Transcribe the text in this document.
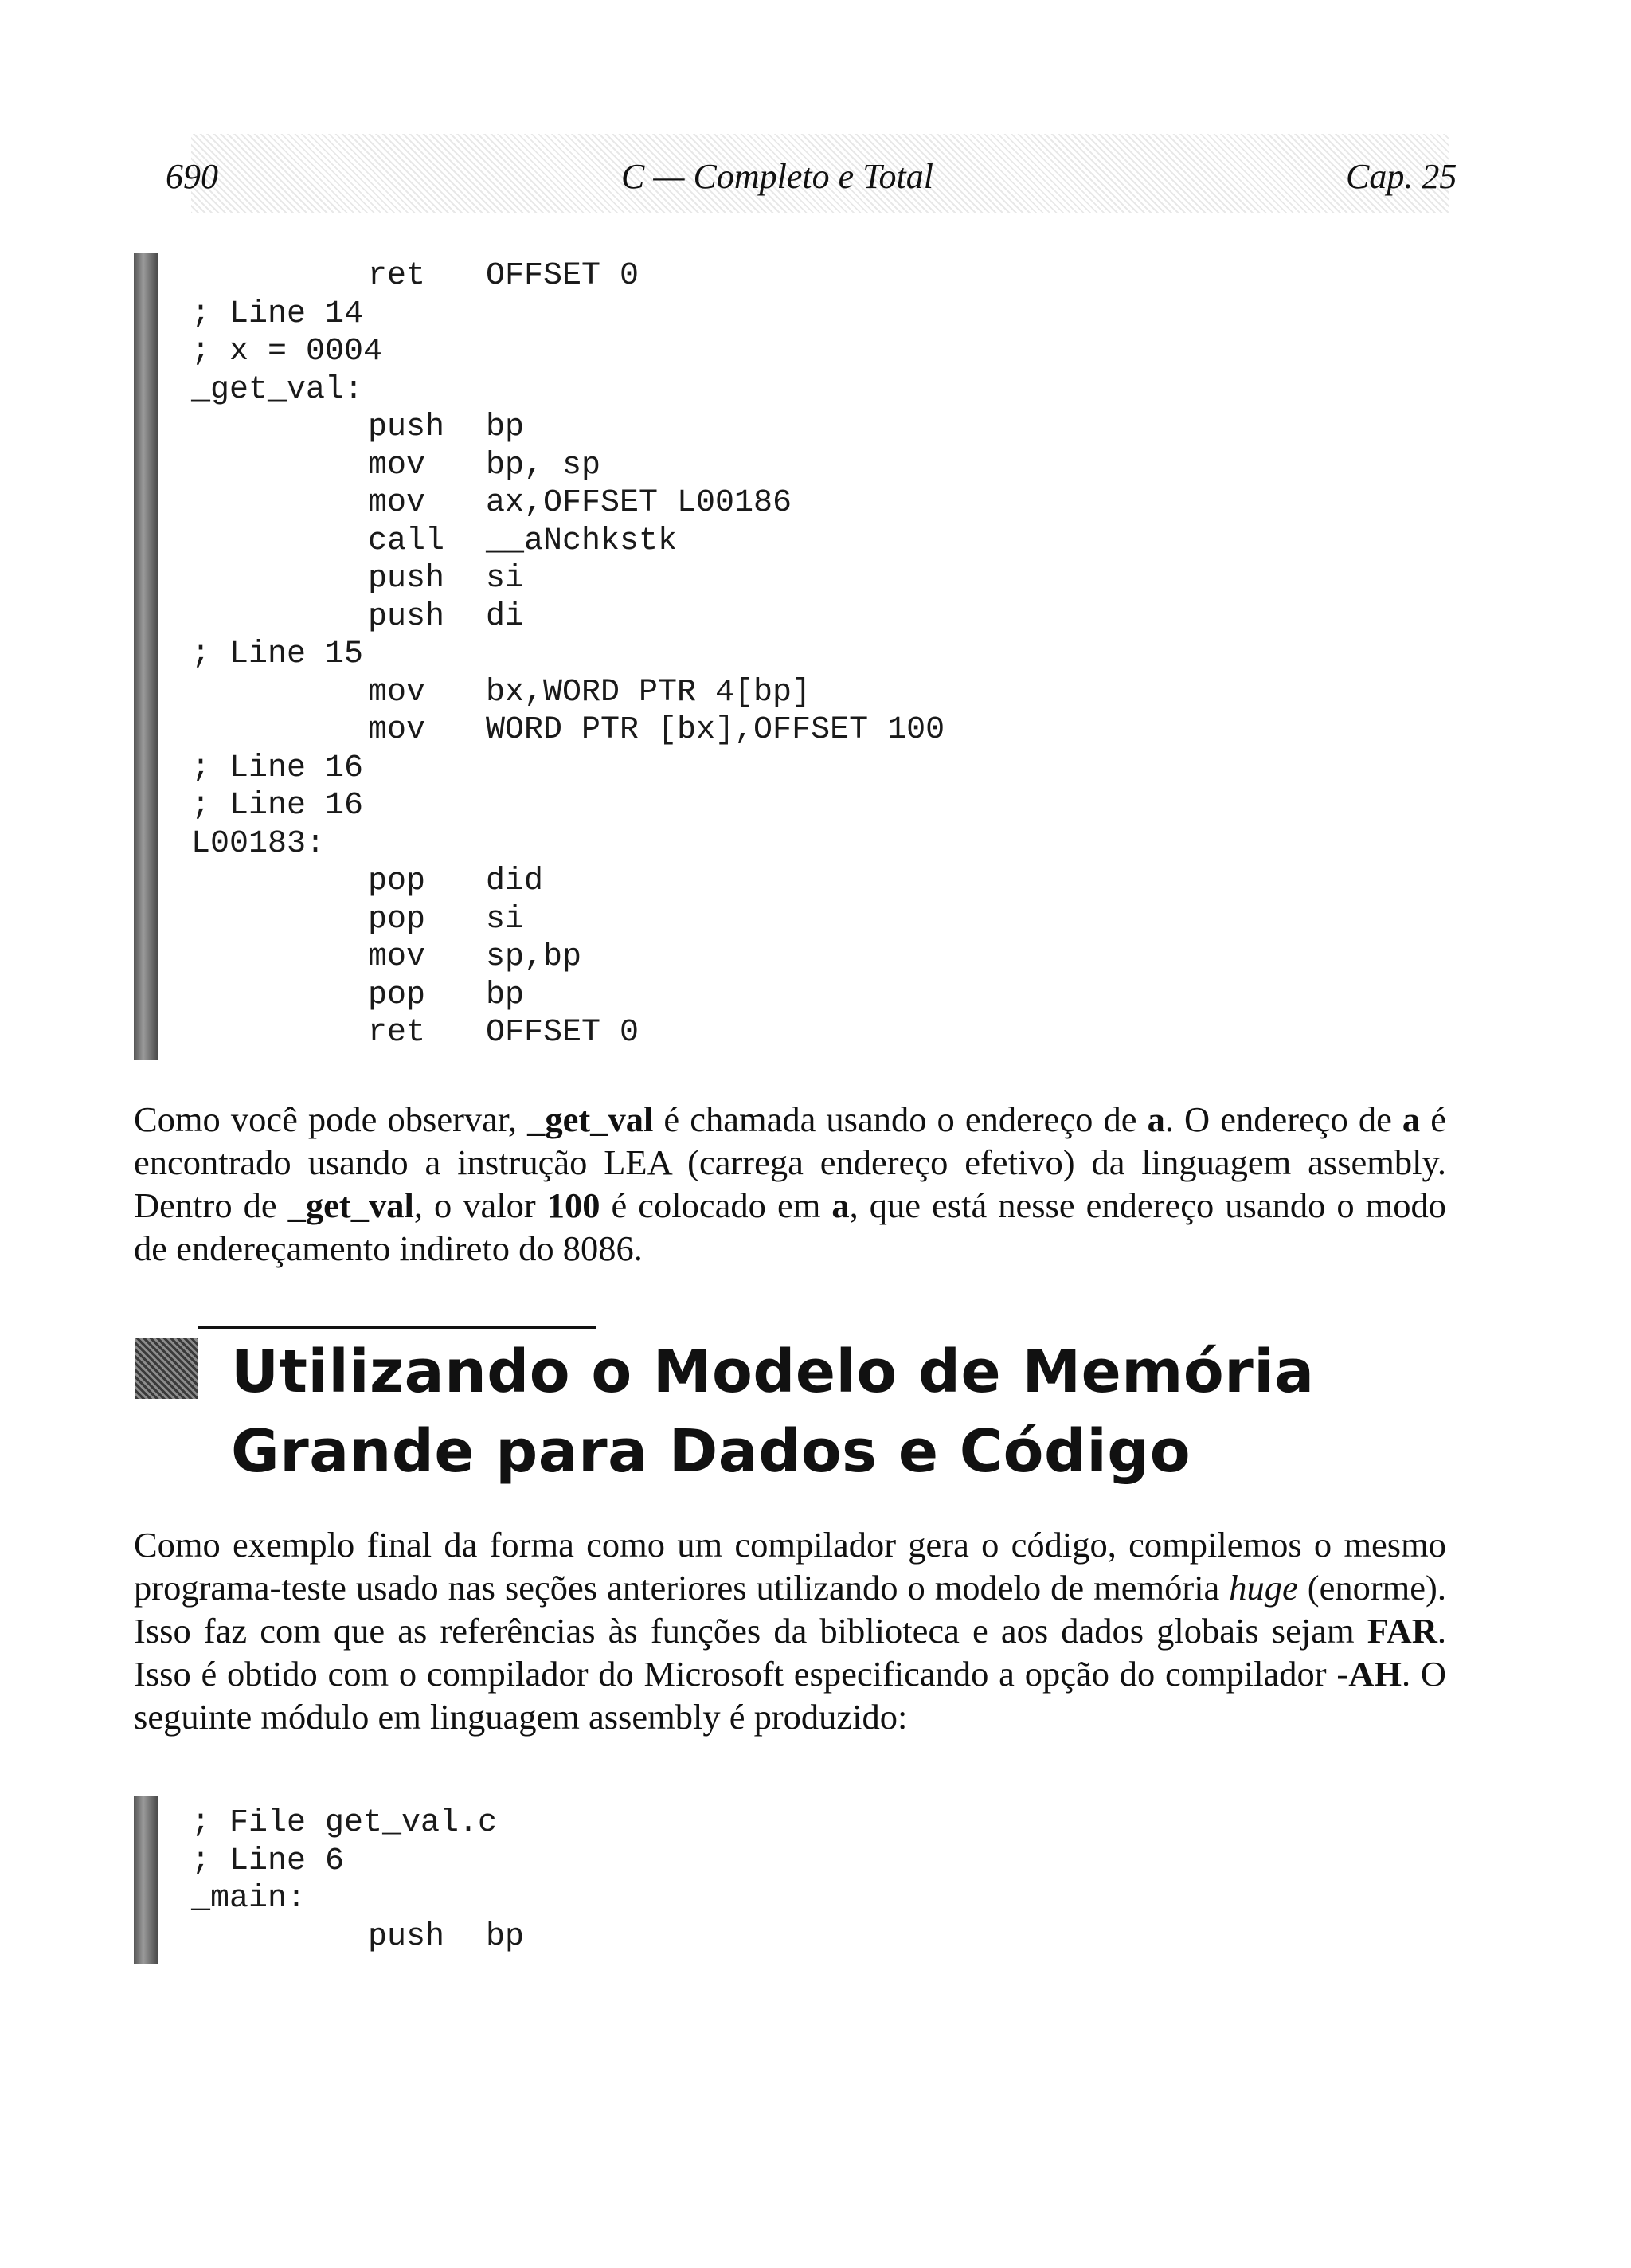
690	C — Completo e Total	Cap. 25
ret OFFSET 0
; Line 14
; x = 0004
_get_val:
push bp
mov bp, sp
mov ax,OFFSET L00186
call __aNchkstk
push si
push di
; Line 15
mov bx,WORD PTR 4[bp]
mov WORD PTR [bx],OFFSET 100
; Line 16
; Line 16
L00183:
pop did
pop si
mov sp,bp
pop bp
ret OFFSET 0
Como você pode observar, _get_val é chamada usando o endereço de a. O endereço de a é encontrado usando a instrução LEA (carrega endereço efetivo) da linguagem assembly. Dentro de _get_val, o valor 100 é colocado em a, que está nesse endereço usando o modo de endereçamento indireto do 8086.
Utilizando o Modelo de Memória
Grande para Dados e Código
Como exemplo final da forma como um compilador gera o código, compilemos o mesmo programa-teste usado nas seções anteriores utilizando o modelo de memória huge (enorme). Isso faz com que as referências às funções da biblioteca e aos dados globais sejam FAR. Isso é obtido com o compilador do Microsoft especificando a opção do compilador -AH. O seguinte módulo em linguagem assembly é produzido:
; File get_val.c
; Line 6
_main:
push bp
